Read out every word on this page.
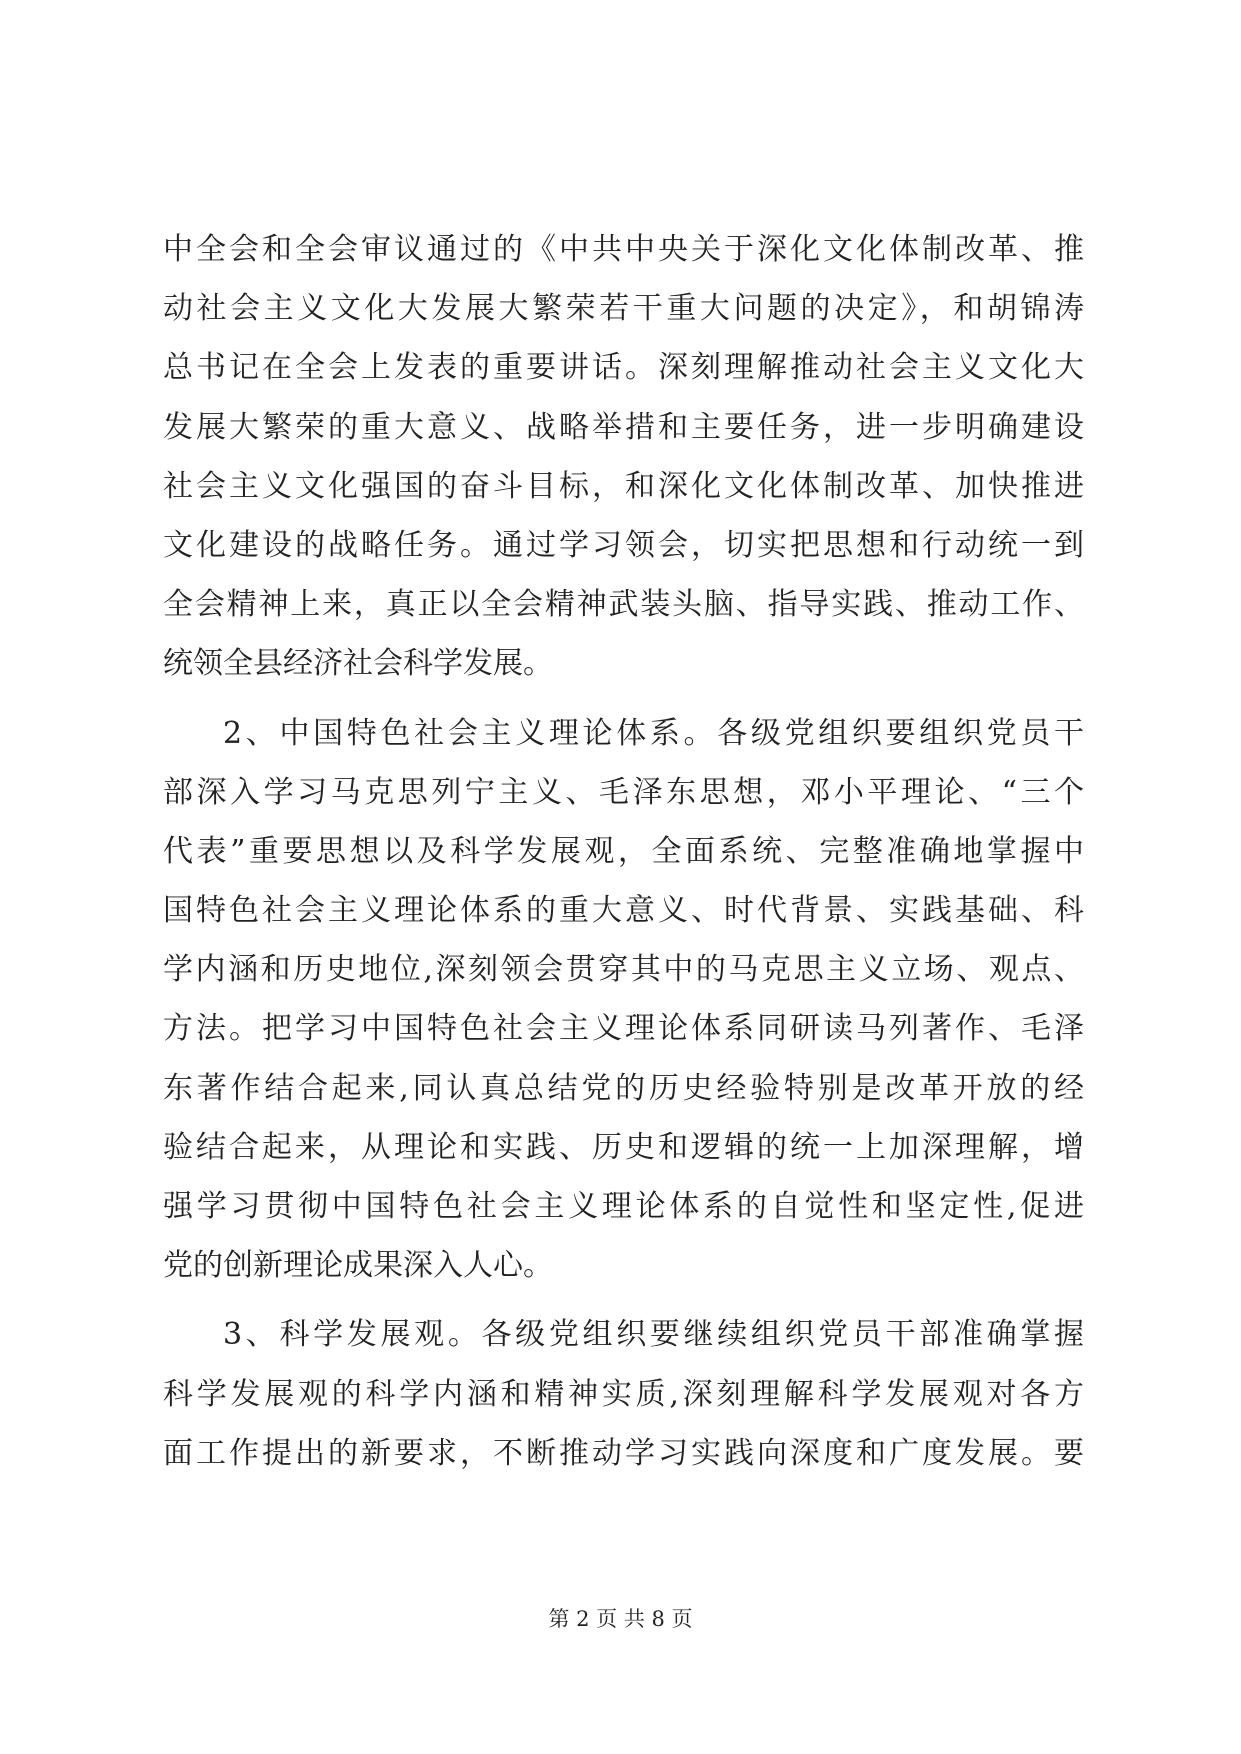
中全会和全会审议通过的《中共中央关于深化文化体制改革、推
动社会主义文化大发展大繁荣若干重大问题的决定》，和胡锦涛
总书记在全会上发表的重要讲话。深刻理解推动社会主义文化大
发展大繁荣的重大意义、战略举措和主要任务，进一步明确建设
社会主义文化强国的奋斗目标，和深化文化体制改革、加快推进
文化建设的战略任务。通过学习领会，切实把思想和行动统一到
全会精神上来，真正以全会精神武装头脑、指导实践、推动工作、
统领全县经济社会科学发展。
2、中国特色社会主义理论体系。各级党组织要组织党员干
部深入学习马克思列宁主义、毛泽东思想，邓小平理论、“三个
代表”重要思想以及科学发展观，全面系统、完整准确地掌握中
国特色社会主义理论体系的重大意义、时代背景、实践基础、科
学内涵和历史地位,深刻领会贯穿其中的马克思主义立场、观点、
方法。把学习中国特色社会主义理论体系同研读马列著作、毛泽
东著作结合起来,同认真总结党的历史经验特别是改革开放的经
验结合起来，从理论和实践、历史和逻辑的统一上加深理解，增
强学习贯彻中国特色社会主义理论体系的自觉性和坚定性,促进
党的创新理论成果深入人心。
3、科学发展观。各级党组织要继续组织党员干部准确掌握
科学发展观的科学内涵和精神实质,深刻理解科学发展观对各方
面工作提出的新要求，不断推动学习实践向深度和广度发展。要
第 2 页 共 8 页
